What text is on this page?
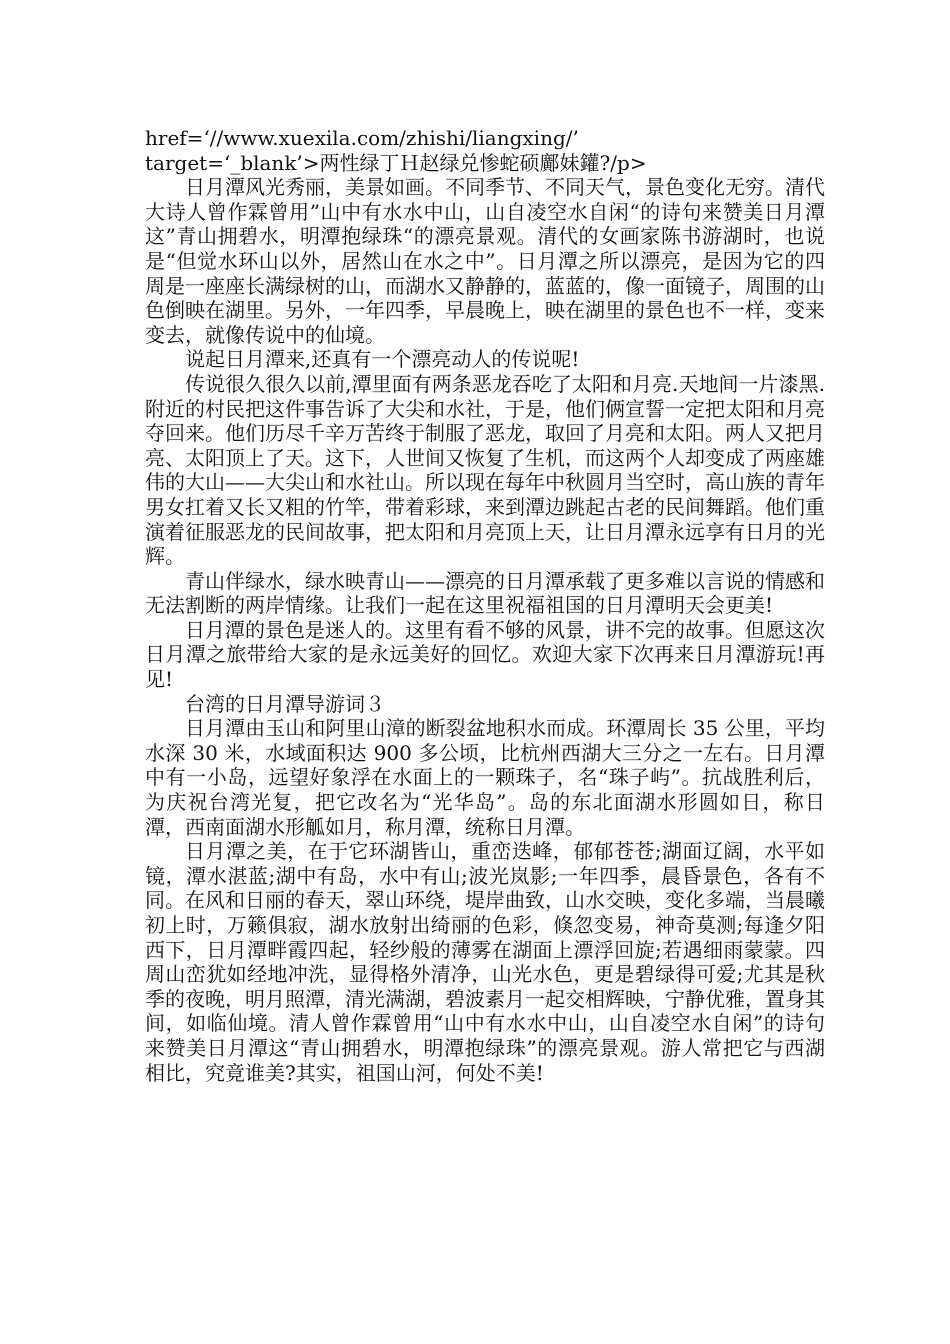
href=‘//www.xuexila.com/zhishi/liangxing/’

target=‘_blank’>两性绿丁Ｈ赵绿兑惨蛇硕鄺妹鑵?/p>

日月潭风光秀丽，美景如画。不同季节、不同天气，景色变化无穷。清代大诗人曾作霖曾用”山中有水水中山，山自凌空水自闲“的诗句来赞美日月潭这”青山拥碧水，明潭抱绿珠“的漂亮景观。清代的女画家陈书游湖时，也说是“但觉水环山以外，居然山在水之中”。日月潭之所以漂亮，是因为它的四周是一座座长满绿树的山，而湖水又静静的，蓝蓝的，像一面镜子，周围的山色倒映在湖里。另外，一年四季，早晨晚上，映在湖里的景色也不一样，变来变去，就像传说中的仙境。

说起日月潭来,还真有一个漂亮动人的传说呢!

传说很久很久以前,潭里面有两条恶龙吞吃了太阳和月亮.天地间一片漆黑.附近的村民把这件事告诉了大尖和水社，于是，他们俩宣誓一定把太阳和月亮夺回来。他们历尽千辛万苦终于制服了恶龙，取回了月亮和太阳。两人又把月亮、太阳顶上了天。这下，人世间又恢复了生机，而这两个人却变成了两座雄伟的大山——大尖山和水社山。所以现在每年中秋圆月当空时，高山族的青年男女扛着又长又粗的竹竿，带着彩球，来到潭边跳起古老的民间舞蹈。他们重演着征服恶龙的民间故事，把太阳和月亮顶上天，让日月潭永远享有日月的光辉。

青山伴绿水，绿水映青山——漂亮的日月潭承载了更多难以言说的情感和无法割断的两岸情缘。让我们一起在这里祝福祖国的日月潭明天会更美!

日月潭的景色是迷人的。这里有看不够的风景，讲不完的故事。但愿这次日月潭之旅带给大家的是永远美好的回忆。欢迎大家下次再来日月潭游玩!再见!

台湾的日月潭导游词３

日月潭由玉山和阿里山漳的断裂盆地积水而成。环潭周长 35 公里，平均水深 30 米，水域面积达 900 多公顷，比杭州西湖大三分之一左右。日月潭中有一小岛，远望好象浮在水面上的一颗珠子，名“珠子屿”。抗战胜利后，为庆祝台湾光复，把它改名为“光华岛”。岛的东北面湖水形圆如日，称日潭，西南面湖水形觚如月，称月潭，统称日月潭。

日月潭之美，在于它环湖皆山，重峦迭峰，郁郁苍苍;湖面辽阔，水平如镜，潭水湛蓝;湖中有岛，水中有山;波光岚影;一年四季，晨昏景色，各有不同。在风和日丽的春天，翠山环绕，堤岸曲致，山水交映，变化多端，当晨曦初上时，万籁俱寂，湖水放射出绮丽的色彩，倏忽变易，神奇莫测;每逢夕阳西下，日月潭畔霞四起，轻纱般的薄雾在湖面上漂浮回旋;若遇细雨蒙蒙。四周山峦犹如经地冲洗，显得格外清净，山光水色，更是碧绿得可爱;尤其是秋季的夜晚，明月照潭，清光满湖，碧波素月一起交相辉映，宁静优雅，置身其间，如临仙境。清人曾作霖曾用“山中有水水中山，山自凌空水自闲”的诗句来赞美日月潭这“青山拥碧水，明潭抱绿珠”的漂亮景观。游人常把它与西湖相比，究竟谁美?其实，祖国山河，何处不美!
